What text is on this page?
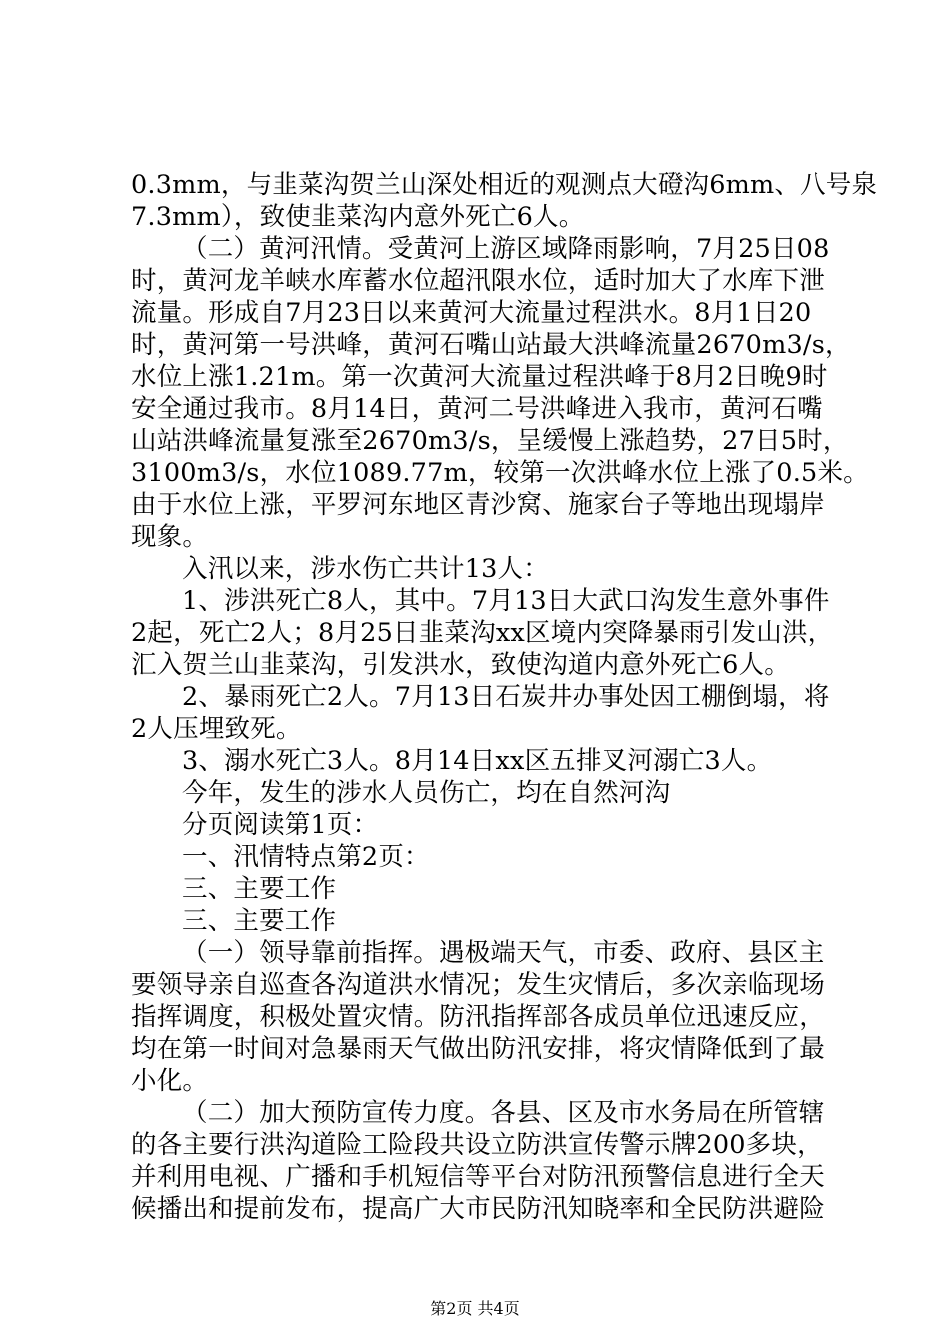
0.3mm，与韭菜沟贺兰山深处相近的观测点大磴沟6mm、八号泉
7.3mm），致使韭菜沟内意外死亡6人。
（二）黄河汛情。受黄河上游区域降雨影响，7月25日08
时，黄河龙羊峡水库蓄水位超汛限水位，适时加大了水库下泄
流量。形成自7月23日以来黄河大流量过程洪水。8月1日20
时，黄河第一号洪峰，黄河石嘴山站最大洪峰流量2670m3/s，
水位上涨1.21m。第一次黄河大流量过程洪峰于8月2日晚9时
安全通过我市。8月14日，黄河二号洪峰进入我市，黄河石嘴
山站洪峰流量复涨至2670m3/s，呈缓慢上涨趋势，27日5时，
3100m3/s，水位1089.77m，较第一次洪峰水位上涨了0.5米。
由于水位上涨，平罗河东地区青沙窝、施家台子等地出现塌岸
现象。
入汛以来，涉水伤亡共计13人：
1、涉洪死亡8人，其中。7月13日大武口沟发生意外事件
2起，死亡2人；8月25日韭菜沟xx区境内突降暴雨引发山洪，
汇入贺兰山韭菜沟，引发洪水，致使沟道内意外死亡6人。
2、暴雨死亡2人。7月13日石炭井办事处因工棚倒塌，将
2人压埋致死。
3、溺水死亡3人。8月14日xx区五排叉河溺亡3人。
今年，发生的涉水人员伤亡，均在自然河沟
分页阅读第1页：
一、汛情特点第2页：
三、主要工作
三、主要工作
（一）领导靠前指挥。遇极端天气，市委、政府、县区主
要领导亲自巡查各沟道洪水情况；发生灾情后，多次亲临现场
指挥调度，积极处置灾情。防汛指挥部各成员单位迅速反应，
均在第一时间对急暴雨天气做出防汛安排，将灾情降低到了最
小化。
（二）加大预防宣传力度。各县、区及市水务局在所管辖
的各主要行洪沟道险工险段共设立防洪宣传警示牌200多块，
并利用电视、广播和手机短信等平台对防汛预警信息进行全天
候播出和提前发布，提高广大市民防汛知晓率和全民防洪避险
第2页 共4页
